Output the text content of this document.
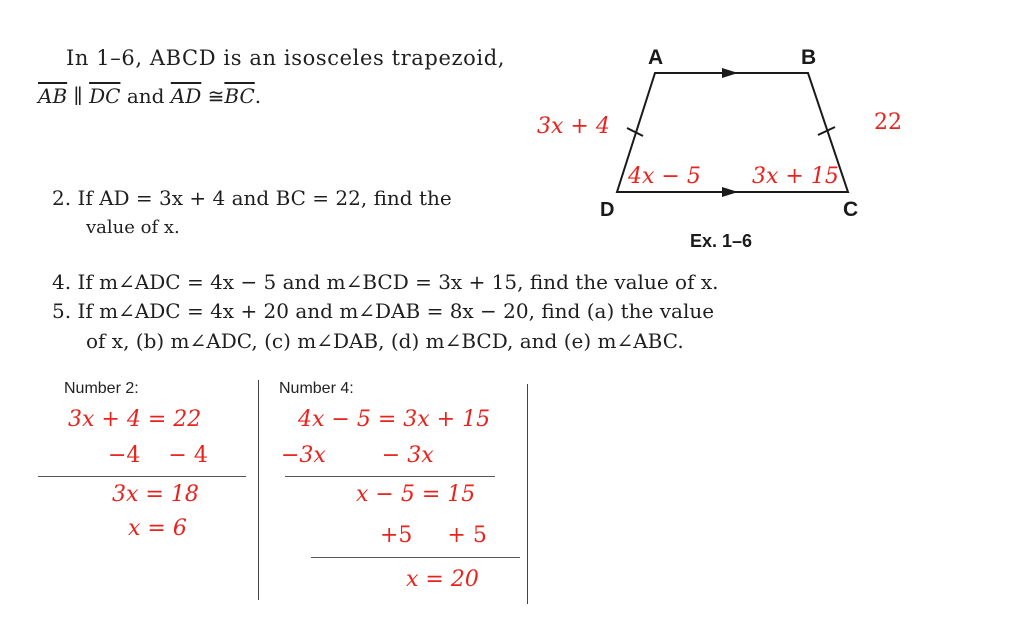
In 1–6, ABCD is an isosceles trapezoid,
$\overline{AB}$ ∥ $\overline{DC}$ and $\overline{AD}$ $≅\overline{BC}$.
2. If AD = 3x + 4 and BC = 22, find the
value of x.
4. If m∠ADC = 4x − 5 and m∠BCD = 3x + 15, find the value of x.
5. If m∠ADC = 4x + 20 and m∠DAB = 8x − 20, find (a) the value
of x, (b) m∠ADC, (c) m∠DAB, (d) m∠BCD, and (e) m∠ABC.
A	B
D	C
Ex. 1–6
3x + 4	22
4x − 5 3x + 15
Number 2:
3x + 4 = 22
−4    − 4
3x = 18
x = 6
Number 4:
4x − 5 = 3x + 15
−3x        − 3x
x − 5 = 15
+5     + 5
x = 20
